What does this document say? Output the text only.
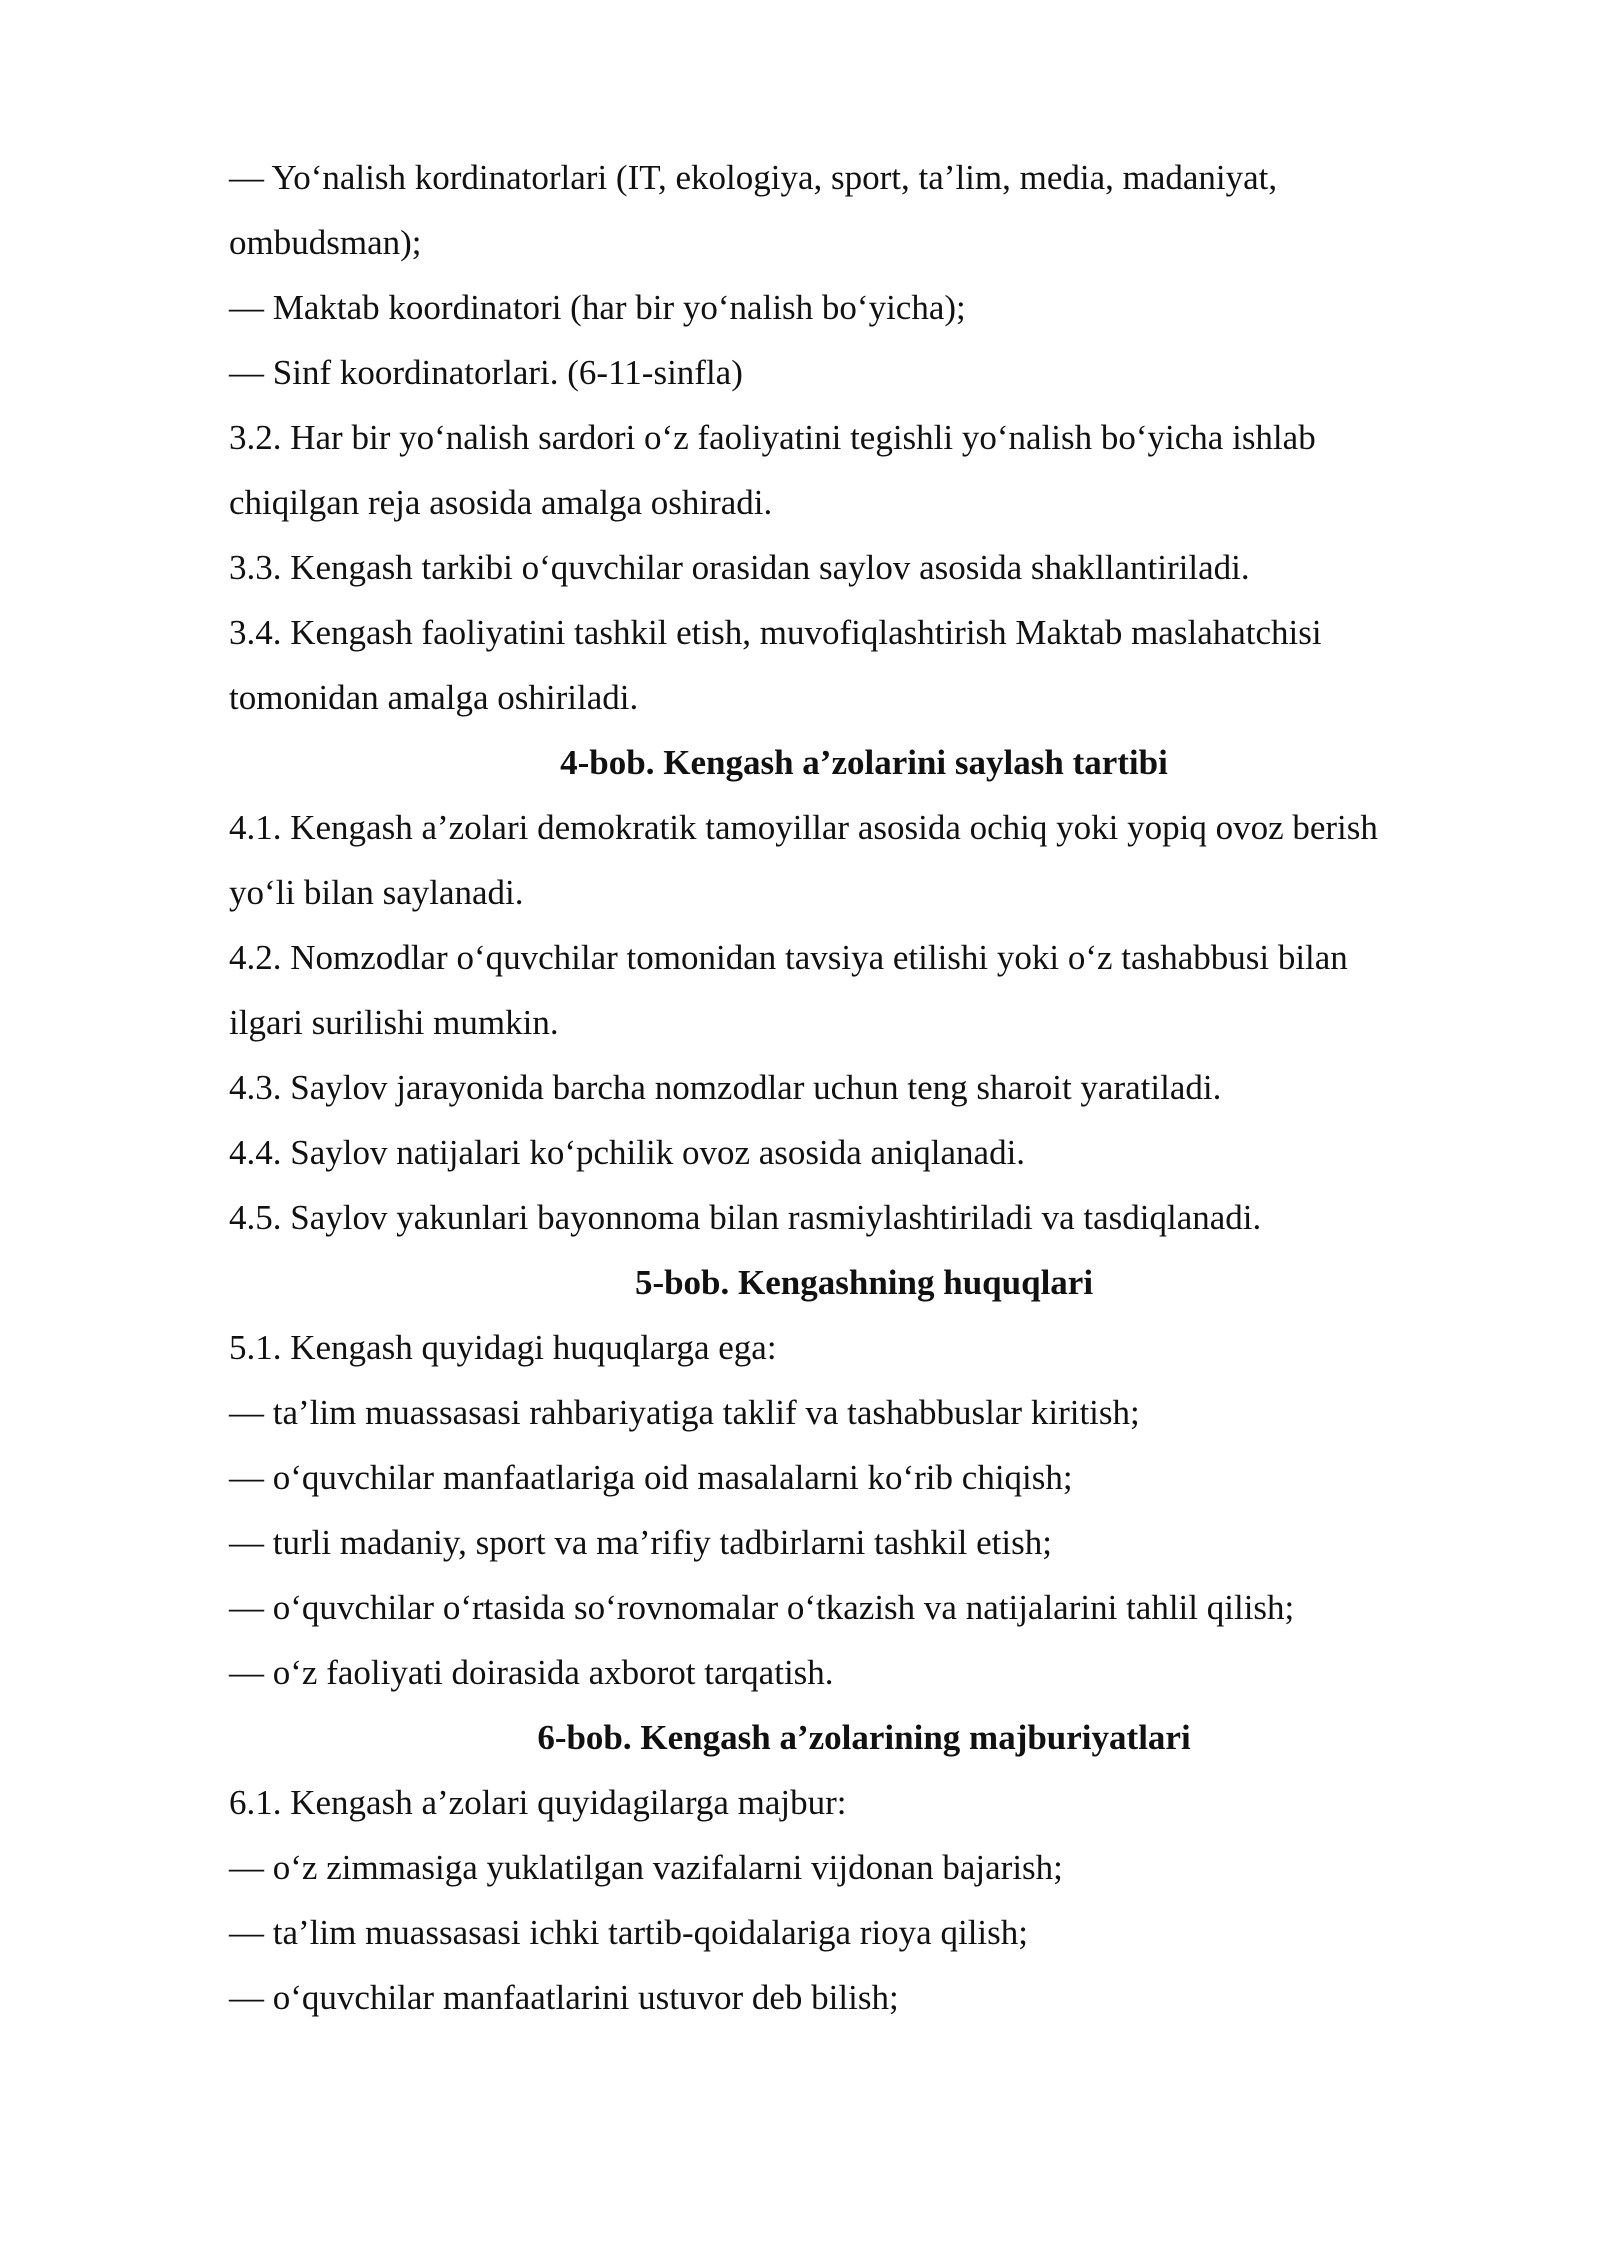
— Yo‘nalish kordinatorlari (IT, ekologiya, sport, ta’lim, media, madaniyat,
ombudsman);
— Maktab koordinatori (har bir yo‘nalish bo‘yicha);
— Sinf koordinatorlari. (6-11-sinfla)
3.2. Har bir yo‘nalish sardori o‘z faoliyatini tegishli yo‘nalish bo‘yicha ishlab
chiqilgan reja asosida amalga oshiradi.
3.3. Kengash tarkibi o‘quvchilar orasidan saylov asosida shakllantiriladi.
3.4. Kengash faoliyatini tashkil etish, muvofiqlashtirish Maktab maslahatchisi
tomonidan amalga oshiriladi.
4-bob. Kengash a’zolarini saylash tartibi
4.1. Kengash a’zolari demokratik tamoyillar asosida ochiq yoki yopiq ovoz berish
yo‘li bilan saylanadi.
4.2. Nomzodlar o‘quvchilar tomonidan tavsiya etilishi yoki o‘z tashabbusi bilan
ilgari surilishi mumkin.
4.3. Saylov jarayonida barcha nomzodlar uchun teng sharoit yaratiladi.
4.4. Saylov natijalari ko‘pchilik ovoz asosida aniqlanadi.
4.5. Saylov yakunlari bayonnoma bilan rasmiylashtiriladi va tasdiqlanadi.
5-bob. Kengashning huquqlari
5.1. Kengash quyidagi huquqlarga ega:
— ta’lim muassasasi rahbariyatiga taklif va tashabbuslar kiritish;
— o‘quvchilar manfaatlariga oid masalalarni ko‘rib chiqish;
— turli madaniy, sport va ma’rifiy tadbirlarni tashkil etish;
— o‘quvchilar o‘rtasida so‘rovnomalar o‘tkazish va natijalarini tahlil qilish;
— o‘z faoliyati doirasida axborot tarqatish.
6-bob. Kengash a’zolarining majburiyatlari
6.1. Kengash a’zolari quyidagilarga majbur:
— o‘z zimmasiga yuklatilgan vazifalarni vijdonan bajarish;
— ta’lim muassasasi ichki tartib-qoidalariga rioya qilish;
— o‘quvchilar manfaatlarini ustuvor deb bilish;
